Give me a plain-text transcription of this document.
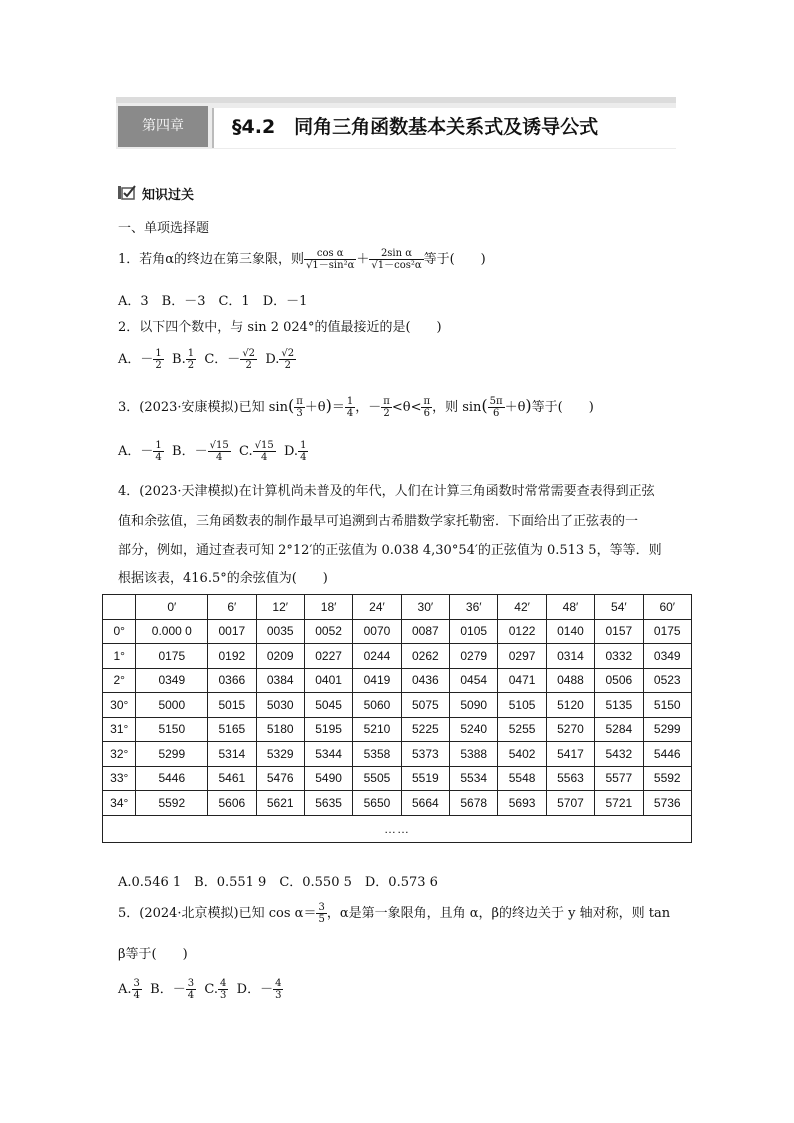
第四章	§4.2　同角三角函数基本关系式及诱导公式
知识过关
一、单项选择题
1．若角α的终边在第三象限，则 $\frac{\text{cos α}}{\text{√1－sin²α}} + \frac{\text{2sin α}}{\text{√1－cos²α}}$ 等于(　　)
A．3　B．－3　C．1　D．－1
2．以下四个数中，与 sin 2 024°的值最接近的是(　　)
A．－ $\frac{1}{2} B$. $\frac{1}{2}$ C．－ $\frac{√2}{2} D$. $\frac{√2}{2}$
3．(2023·安康模拟)已知 $\sin( \frac{\pi}{3} +\theta)= \frac{1}{4}$ ，－ $\frac{\pi}{2} <\theta< \frac{\pi}{6}$ ，则 $\sin( \frac{5\pi}{6} +\theta)$等于(　　)
A．－ $\frac{1}{4}$ B．－ $\frac{√15}{4} C$. $\frac{√15}{4} D$. $\frac{1}{4}$
4．(2023·天津模拟)在计算机尚未普及的年代，人们在计算三角函数时常常需要查表得到正弦
值和余弦值，三角函数表的制作最早可追溯到古希腊数学家托勒密．下面给出了正弦表的一
部分，例如，通过查表可知 2°12′的正弦值为 0.038 4,30°54′的正弦值为 0.513 5，等等．则
根据该表，416.5°的余弦值为(　　)
	0′	6′	12′	18′	24′	30′	36′	42′	48′	54′	60′
0°	0.000 0	0017	0035	0052	0070	0087	0105	0122	0140	0157	0175
1°	0175	0192	0209	0227	0244	0262	0279	0297	0314	0332	0349
2°	0349	0366	0384	0401	0419	0436	0454	0471	0488	0506	0523
30°	5000	5015	5030	5045	5060	5075	5090	5105	5120	5135	5150
31°	5150	5165	5180	5195	5210	5225	5240	5255	5270	5284	5299
32°	5299	5314	5329	5344	5358	5373	5388	5402	5417	5432	5446
33°	5446	5461	5476	5490	5505	5519	5534	5548	5563	5577	5592
34°	5592	5606	5621	5635	5650	5664	5678	5693	5707	5721	5736
……											
A.0.546 1　B．0.551 9　C．0.550 5　D．0.573 6
5．(2024·北京模拟)已知 $\cos \alpha= \frac{3}{5}$ ，α是第一象限角，且角 α，β的终边关于 y 轴对称，则 tan
β等于(　　)
A. $\frac{3}{4}$ B．－ $\frac{3}{4} C$. $\frac{4}{3}$ D．－ $\frac{4}{3}$
